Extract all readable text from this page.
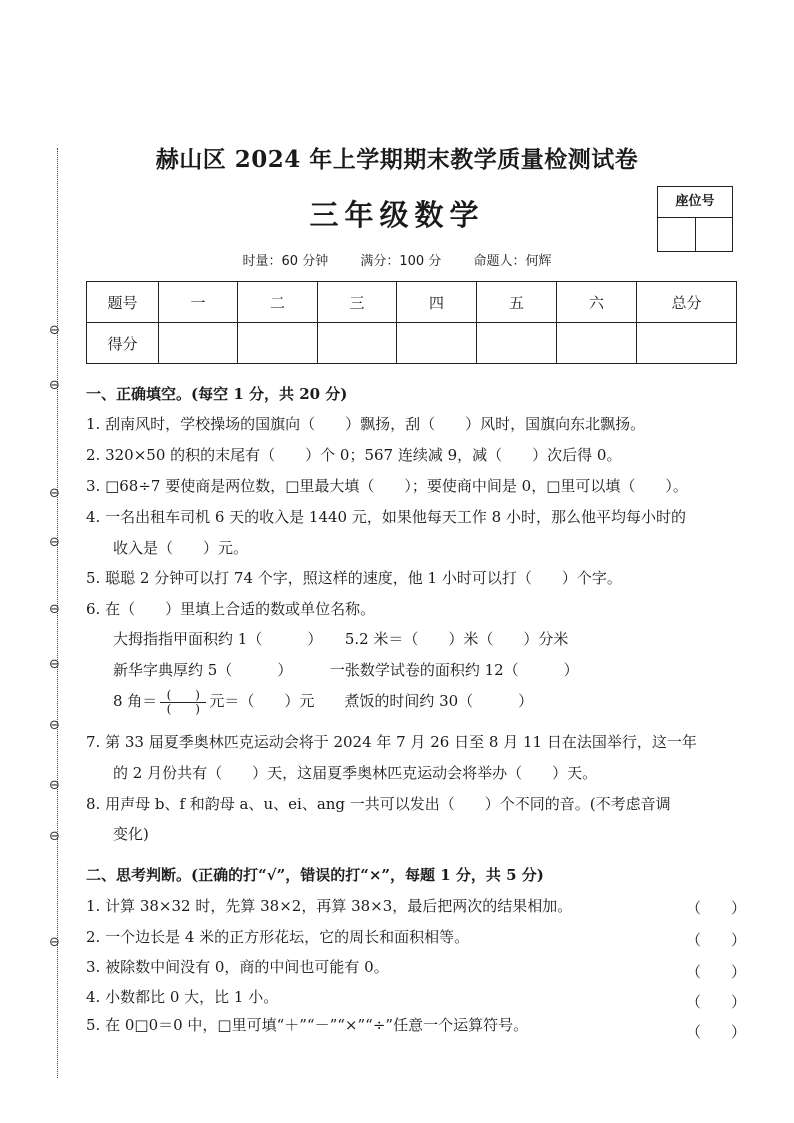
⊖
⊖
⊖
⊖
⊖
⊖
⊖
⊖
⊖
⊖
赫山区 2024 年上学期期末教学质量检测试卷
三年级数学	座位号
时量：60 分钟 满分：100 分 命题人：何辉
题号	一	二	三	四	五	六	总分
得分							
一、正确填空。(每空 1 分，共 20 分)
1. 刮南风时，学校操场的国旗向（　　）飘扬，刮（　　）风时，国旗向东北飘扬。
2. 320×50 的积的末尾有（　　）个 0；567 连续减 9，减（　　）次后得 0。
3. □68÷7 要使商是两位数，□里最大填（　　）；要使商中间是 0，□里可以填（　　）。
4. 一名出租车司机 6 天的收入是 1440 元，如果他每天工作 8 小时，那么他平均每小时的
收入是（　　）元。
5. 聪聪 2 分钟可以打 74 个字，照这样的速度，他 1 小时可以打（　　）个字。
6. 在（　　）里填上合适的数或单位名称。
大拇指指甲面积约 1（　　　）　　5.2 米＝（　　）米（　　）分米
新华字典厚约 5（　　　）　　　一张数学试卷的面积约 12（　　　）
8 角＝ $\frac{( )}{( )}$ 元＝（　　）元　　煮饭的时间约 30（　　　）
7. 第 33 届夏季奥林匹克运动会将于 2024 年 7 月 26 日至 8 月 11 日在法国举行，这一年
的 2 月份共有（　　）天，这届夏季奥林匹克运动会将举办（　　）天。
8. 用声母 b、f 和韵母 a、u、ei、ang 一共可以发出（　　）个不同的音。(不考虑音调
变化)
二、思考判断。(正确的打“√”，错误的打“×”，每题 1 分，共 5 分)
1. 计算 38×32 时，先算 38×2，再算 38×3，最后把两次的结果相加。	（　　）
2. 一个边长是 4 米的正方形花坛，它的周长和面积相等。	（　　）
3. 被除数中间没有 0，商的中间也可能有 0。	（　　）
4. 小数都比 0 大，比 1 小。	（　　）
5. 在 0□0＝0 中，□里可填“＋”“－”“×”“÷”任意一个运算符号。	（　　）
